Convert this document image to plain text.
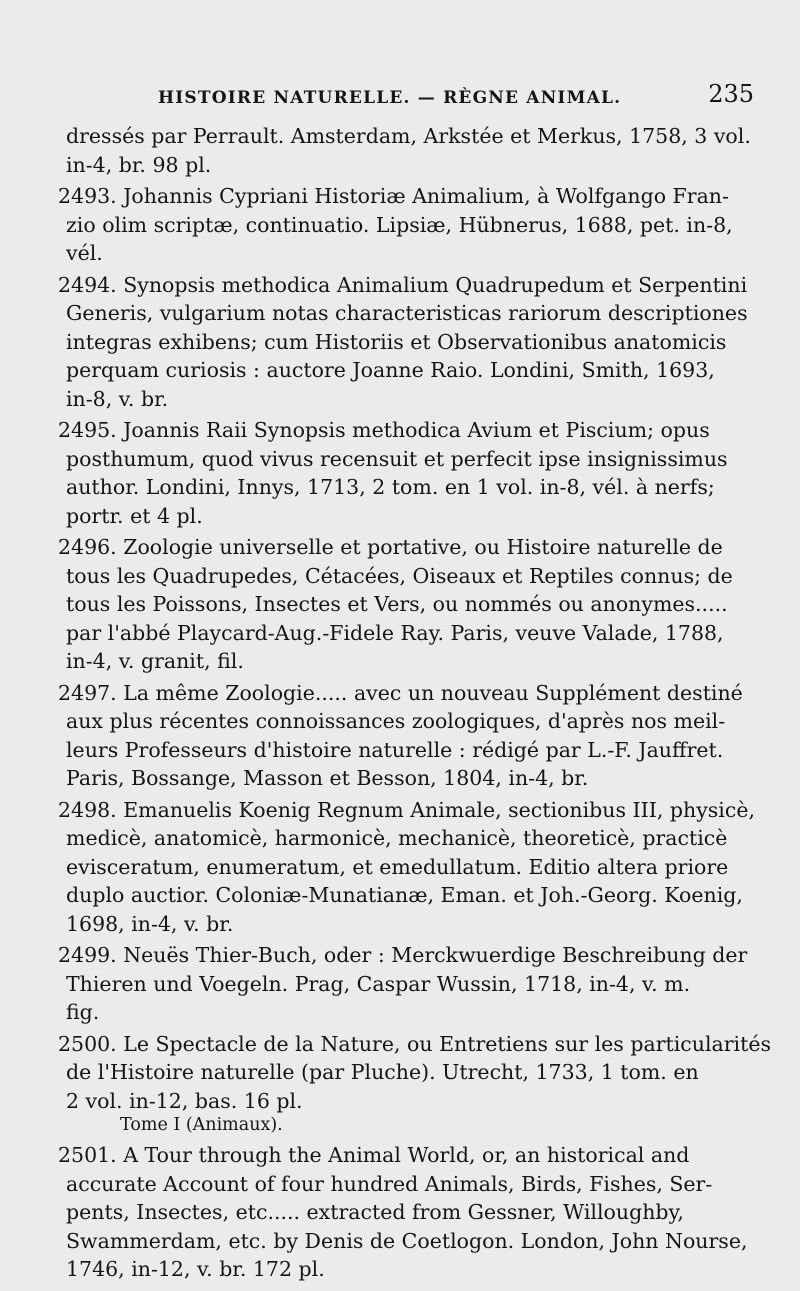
HISTOIRE NATURELLE. — RÈGNE ANIMAL.	235
dressés par Perrault. Amsterdam, Arkstée et Merkus, 1758, 3 vol.
in-4, br. 98 pl.
2493. Johannis Cypriani Historiæ Animalium, à Wolfgango Fran-
zio olim scriptæ, continuatio. Lipsiæ, Hübnerus, 1688, pet. in-8,
vél.
2494. Synopsis methodica Animalium Quadrupedum et Serpentini
Generis, vulgarium notas characteristicas rariorum descriptiones
integras exhibens; cum Historiis et Observationibus anatomicis
perquam curiosis : auctore Joanne Raio. Londini, Smith, 1693,
in-8, v. br.
2495. Joannis Raii Synopsis methodica Avium et Piscium; opus
posthumum, quod vivus recensuit et perfecit ipse insignissimus
author. Londini, Innys, 1713, 2 tom. en 1 vol. in-8, vél. à nerfs;
portr. et 4 pl.
2496. Zoologie universelle et portative, ou Histoire naturelle de
tous les Quadrupedes, Cétacées, Oiseaux et Reptiles connus; de
tous les Poissons, Insectes et Vers, ou nommés ou anonymes.....
par l'abbé Playcard-Aug.-Fidele Ray. Paris, veuve Valade, 1788,
in-4, v. granit, fil.
2497. La même Zoologie..... avec un nouveau Supplément destiné
aux plus récentes connoissances zoologiques, d'après nos meil-
leurs Professeurs d'histoire naturelle : rédigé par L.-F. Jauffret.
Paris, Bossange, Masson et Besson, 1804, in-4, br.
2498. Emanuelis Koenig Regnum Animale, sectionibus III, physicè,
medicè, anatomicè, harmonicè, mechanicè, theoreticè, practicè
evisceratum, enumeratum, et emedullatum. Editio altera priore
duplo auctior. Coloniæ-Munatianæ, Eman. et Joh.-Georg. Koenig,
1698, in-4, v. br.
2499. Neuës Thier-Buch, oder : Merckwuerdige Beschreibung der
Thieren und Voegeln. Prag, Caspar Wussin, 1718, in-4, v. m.
fig.
2500. Le Spectacle de la Nature, ou Entretiens sur les particularités
de l'Histoire naturelle (par Pluche). Utrecht, 1733, 1 tom. en
2 vol. in-12, bas. 16 pl.
Tome I (Animaux).
2501. A Tour through the Animal World, or, an historical and
accurate Account of four hundred Animals, Birds, Fishes, Ser-
pents, Insectes, etc..... extracted from Gessner, Willoughby,
Swammerdam, etc. by Denis de Coetlogon. London, John Nourse,
1746, in-12, v. br. 172 pl.
